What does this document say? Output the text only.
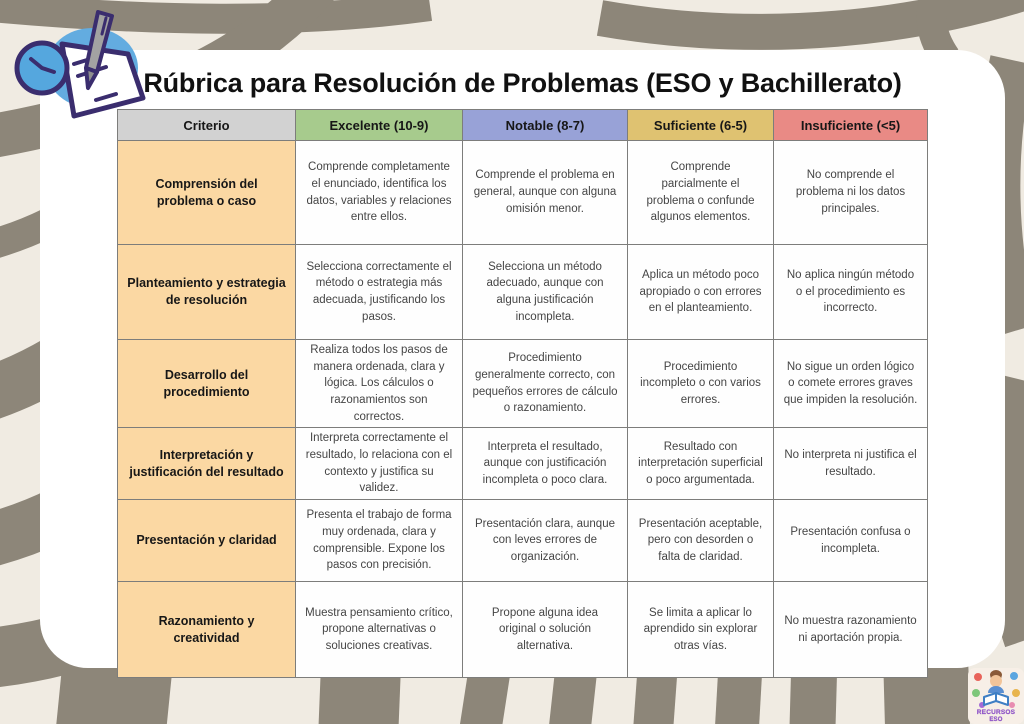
Rúbrica para Resolución de Problemas (ESO y Bachillerato)
Criterio	Excelente (10-9)	Notable (8-7)	Suficiente (6-5)	Insuficiente (<5)
Comprensión del problema o caso	Comprende completamente el enunciado, identifica los datos, variables y relaciones entre ellos.	Comprende el problema en general, aunque con alguna omisión menor.	Comprende parcialmente el problema o confunde algunos elementos.	No comprende el problema ni los datos principales.
Planteamiento y estrategia de resolución	Selecciona correctamente el método o estrategia más adecuada, justificando los pasos.	Selecciona un método adecuado, aunque con alguna justificación incompleta.	Aplica un método poco apropiado o con errores en el planteamiento.	No aplica ningún método o el procedimiento es incorrecto.
Desarrollo del procedimiento	Realiza todos los pasos de manera ordenada, clara y lógica. Los cálculos o razonamientos son correctos.	Procedimiento generalmente correcto, con pequeños errores de cálculo o razonamiento.	Procedimiento incompleto o con varios errores.	No sigue un orden lógico o comete errores graves que impiden la resolución.
Interpretación y justificación del resultado	Interpreta correctamente el resultado, lo relaciona con el contexto y justifica su validez.	Interpreta el resultado, aunque con justificación incompleta o poco clara.	Resultado con interpretación superficial o poco argumentada.	No interpreta ni justifica el resultado.
Presentación y claridad	Presenta el trabajo de forma muy ordenada, clara y comprensible. Expone los pasos con precisión.	Presentación clara, aunque con leves errores de organización.	Presentación aceptable, pero con desorden o falta de claridad.	Presentación confusa o incompleta.
Razonamiento y creatividad	Muestra pensamiento crítico, propone alternativas o soluciones creativas.	Propone alguna idea original o solución alternativa.	Se limita a aplicar lo aprendido sin explorar otras vías.	No muestra razonamiento ni aportación propia.
RECURSOS
ESO
